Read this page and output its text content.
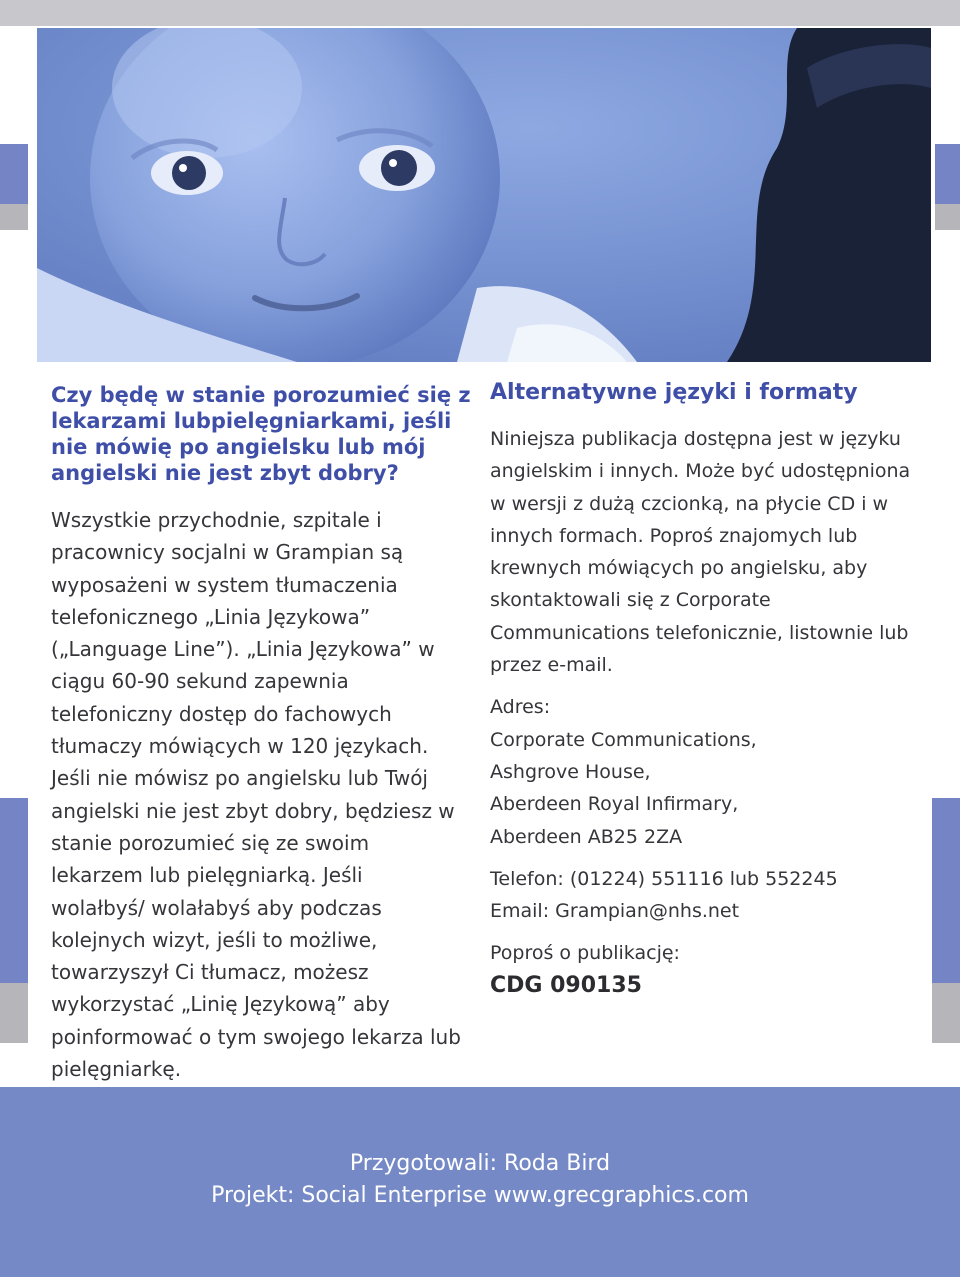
Czy będę w stanie porozumieć się z lekarzami lubpielęgniarkami, jeśli nie mówię po angielsku lub mój angielski nie jest zbyt dobry?
Wszystkie przychodnie, szpitale i pracownicy socjalni w Grampian są wyposażeni w system tłumaczenia telefonicznego „Linia Językowa” („Language Line”). „Linia Językowa” w ciągu 60-90 sekund zapewnia telefoniczny dostęp do fachowych tłumaczy mówiących w 120 językach. Jeśli nie mówisz po angielsku lub Twój angielski nie jest zbyt dobry, będziesz w stanie porozumieć się ze swoim lekarzem lub pielęgniarką. Jeśli wolałbyś/ wolałabyś aby podczas kolejnych wizyt, jeśli to możliwe, towarzyszył Ci tłumacz, możesz wykorzystać „Linię Językową” aby poinformować o tym swojego lekarza lub pielęgniarkę.
Alternatywne języki i formaty
Niniejsza publikacja dostępna jest w języku angielskim i innych. Może być udostępniona w wersji z dużą czcionką, na płycie CD i w innych formach. Poproś znajomych lub krewnych mówiących po angielsku, aby skontaktowali się z Corporate Communications telefonicznie, listownie lub przez e-mail.
Adres:
Corporate Communications,
Ashgrove House,
Aberdeen Royal Infirmary,
Aberdeen AB25 2ZA
Telefon: (01224) 551116 lub 552245
Email: Grampian@nhs.net
Poproś o publikację:
CDG 090135
Przygotowali: Roda Bird
Projekt: Social Enterprise www.grecgraphics.com
